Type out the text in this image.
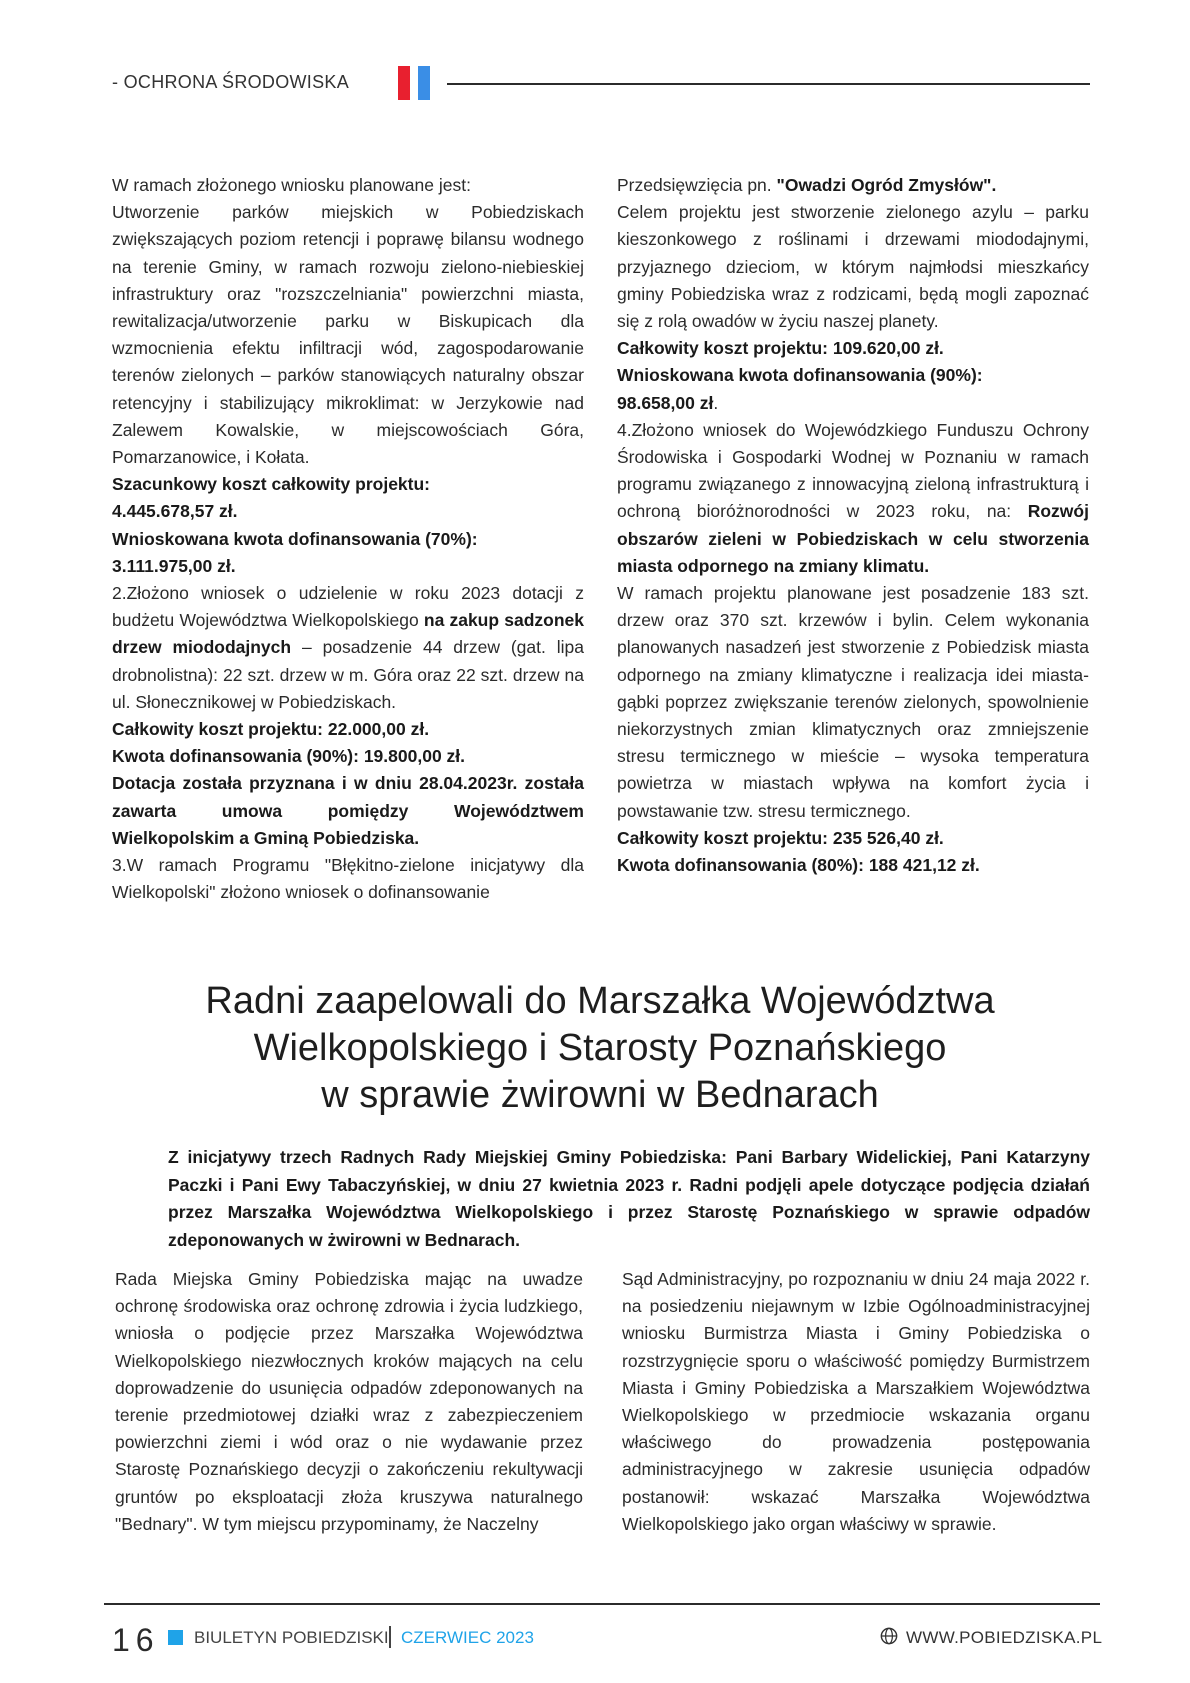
- OCHRONA ŚRODOWISKA

W ramach złożonego wniosku planowane jest:

Utworzenie parków miejskich w Pobiedziskach zwiększających poziom retencji i poprawę bilansu wodnego na terenie Gminy, w ramach rozwoju zielono-niebieskiej infrastruktury oraz "rozszczelniania" powierzchni miasta, rewitalizacja/utworzenie parku w Biskupicach dla wzmocnienia efektu infiltracji wód, zagospodarowanie terenów zielonych – parków stanowiących naturalny obszar retencyjny i stabilizujący mikroklimat: w Jerzykowie nad Zalewem Kowalskie, w miejscowościach Góra, Pomarzanowice, i Kołata.

Szacunkowy koszt całkowity projektu:

4.445.678,57 zł.

Wnioskowana kwota dofinansowania (70%):

3.111.975,00 zł.

2.Złożono wniosek o udzielenie w roku 2023 dotacji z budżetu Województwa Wielkopolskiego na zakup sadzonek drzew miododajnych – posadzenie 44 drzew (gat. lipa drobnolistna): 22 szt. drzew w m. Góra oraz 22 szt. drzew na ul. Słonecznikowej w Pobiedziskach.

Całkowity koszt projektu: 22.000,00 zł.

Kwota dofinansowania (90%): 19.800,00 zł.

Dotacja została przyznana i w dniu 28.04.2023r. została zawarta umowa pomiędzy Województwem Wielkopolskim a Gminą Pobiedziska.

3.W ramach Programu "Błękitno-zielone inicjatywy dla Wielkopolski" złożono wniosek o dofinansowanie

Przedsięwzięcia pn. "Owadzi Ogród Zmysłów".

Celem projektu jest stworzenie zielonego azylu – parku kieszonkowego z roślinami i drzewami miododajnymi, przyjaznego dzieciom, w którym najmłodsi mieszkańcy gminy Pobiedziska wraz z rodzicami, będą mogli zapoznać się z rolą owadów w życiu naszej planety.

Całkowity koszt projektu: 109.620,00 zł.

Wnioskowana kwota dofinansowania (90%):

98.658,00 zł.

4.Złożono wniosek do Wojewódzkiego Funduszu Ochrony Środowiska i Gospodarki Wodnej w Poznaniu w ramach programu związanego z innowacyjną zieloną infrastrukturą i ochroną bioróżnorodności w 2023 roku, na: Rozwój obszarów zieleni w Pobiedziskach w celu stworzenia miasta odpornego na zmiany klimatu.

W ramach projektu planowane jest posadzenie 183 szt. drzew oraz 370 szt. krzewów i bylin. Celem wykonania planowanych nasadzeń jest stworzenie z Pobiedzisk miasta odpornego na zmiany klimatyczne i realizacja idei miasta-gąbki poprzez zwiększanie terenów zielonych, spowolnienie niekorzystnych zmian klimatycznych oraz zmniejszenie stresu termicznego w mieście – wysoka temperatura powietrza w miastach wpływa na komfort życia i powstawanie tzw. stresu termicznego.

Całkowity koszt projektu: 235 526,40 zł.

Kwota dofinansowania (80%): 188 421,12 zł.

Radni zaapelowali do Marszałka Województwa
Wielkopolskiego i Starosty Poznańskiego
w sprawie żwirowni w Bednarach
Z inicjatywy trzech Radnych Rady Miejskiej Gminy Pobiedziska: Pani Barbary Widelickiej, Pani Katarzyny Paczki i Pani Ewy Tabaczyńskiej, w dniu 27 kwietnia 2023 r. Radni podjęli apele dotyczące podjęcia działań przez Marszałka Województwa Wielkopolskiego i przez Starostę Poznańskiego w sprawie odpadów zdeponowanych w żwirowni w Bednarach.
Rada Miejska Gminy Pobiedziska mając na uwadze ochronę środowiska oraz ochronę zdrowia i życia ludzkiego, wniosła o podjęcie przez Marszałka Województwa Wielkopolskiego niezwłocznych kroków mających na celu doprowadzenie do usunięcia odpadów zdeponowanych na terenie przedmiotowej działki wraz z zabezpieczeniem powierzchni ziemi i wód oraz o nie wydawanie przez Starostę Poznańskiego decyzji o zakończeniu rekultywacji gruntów po eksploatacji złoża kruszywa naturalnego "Bednary". W tym miejscu przypominamy, że Naczelny
Sąd Administracyjny, po rozpoznaniu w dniu 24 maja 2022 r. na posiedzeniu niejawnym w Izbie Ogólnoadministracyjnej wniosku Burmistrza Miasta i Gminy Pobiedziska o rozstrzygnięcie sporu o właściwość pomiędzy Burmistrzem Miasta i Gminy Pobiedziska a Marszałkiem Województwa Wielkopolskiego w przedmiocie wskazania organu właściwego do prowadzenia postępowania administracyjnego w zakresie usunięcia odpadów postanowił: wskazać Marszałka Województwa Wielkopolskiego jako organ właściwy w sprawie.
16 BIULETYN POBIEDZISKI CZERWIEC 2023	WWW.POBIEDZISKA.PL
